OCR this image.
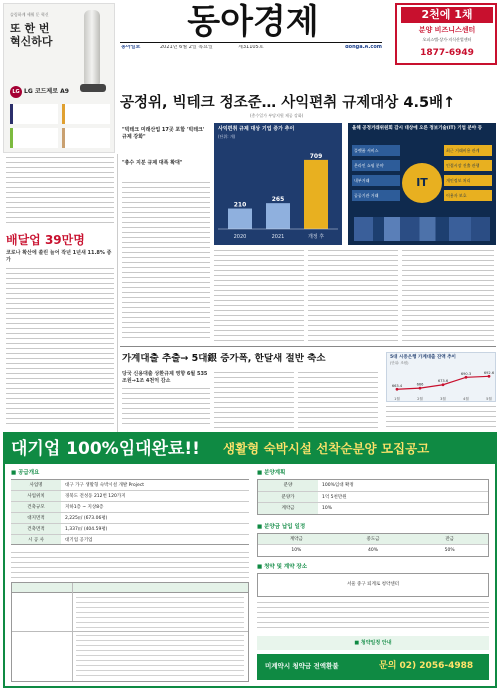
동아경제
동아일보	2021년 6월 2일 목요일	제31105호	donga.A.com
슬림하게 세워 둔 혁신
또 한 번
혁신하다
LG LG 코드제로 A9
2천에 1채
분양 비즈니스센터
오피스텔·상가·지식산업센터
1877-6949
공정위, 빅테크 정조준… 사익편취 규제대상 4.5배↑
(총수일가 부당지원 제공 강화)
배달업 39만명
코로나 확산에 쏠린 늘어 작년 1년새 11.8% 증가
"빅테크 미래산업 17곳 포함 '빅테크' 규제 강화"
"총수 지분 규제 대폭 확대"
사익편취 규제 대상 기업 증가 추이
(단위: 개)
210
2020
265
2021
709
개정 후
올해 공정거래위원회 감시 대상에 오른 정보기술(IT) 기업 분야 등
IT
플랫폼 서비스
온라인 쇼핑 분야
내부거래
공공기관 거래
최근 거래비용 관계
인접시장 진출 관행
개인정보 처리
이용자 보호
가계대출 추출→ 5대銀 증가폭, 한달새 절반 축소
당국 신용대출 상환규제 영향 6월 535조원→1조 4천억 감소
5대 시중은행 가계대출 잔액 추이
(단위: 조원)
663.4
1월
666
2월
673.6
3월
690.3
4월
692.6
5월
대기업 100%임대완료!! 생활형 숙박시설 선착순분양 모집공고
■ 공급개요
사업명	대구 가구 생활형 숙박시설 개발 Project
사업위치	경북도 전성동 212번 120가지
건축규모	지하1층 ~ 지상8층
대지면적	2,225㎡ (673.06평)
건축면적	1,337㎡ (404.59평)
시 공 사	대기업 공기업
■ 분양계획
분양	100%임대 확정
분양가	1억 5천만원
계약금	10%
■ 분양금 납입 일정
계약금	중도금	잔금
10%	40%	50%
■ 청약 및 계약 장소
서울 중구 퇴계로 청약센터
■ 청약일정 안내
미계약시 청약금 전액환불	문의 02) 2056-4988
